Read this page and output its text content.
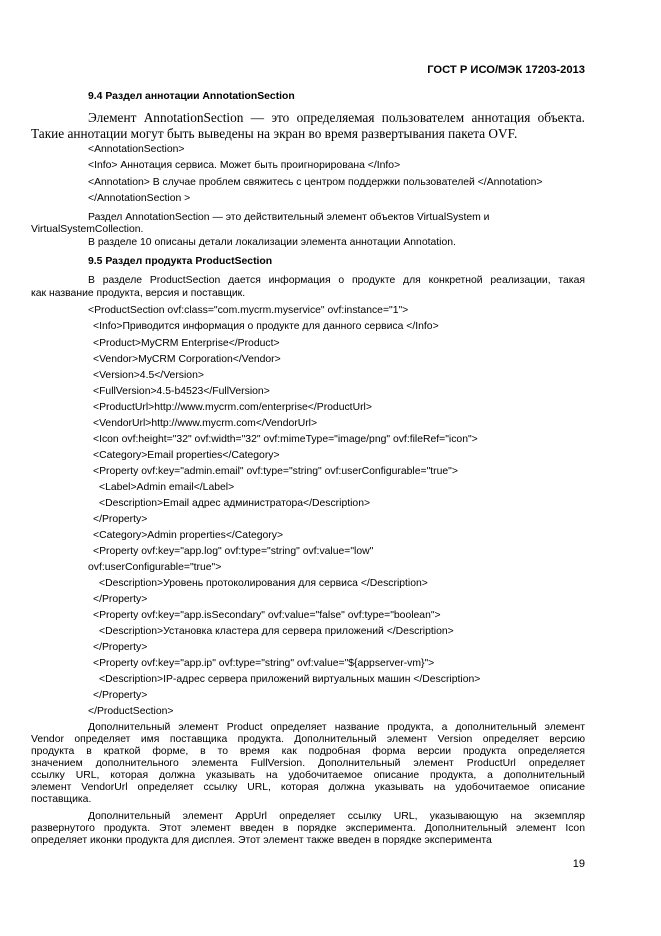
ГОСТ Р ИСО/МЭК 17203-2013
9.4 Раздел аннотации AnnotationSection
Элемент AnnotationSection — это определяемая пользователем аннотация объекта.
Такие аннотации могут быть выведены на экран во время развертывания пакета OVF.
<AnnotationSection>
<Info> Аннотация сервиса. Может быть проигнорирована </Info>
<Annotation> В случае проблем свяжитесь с центром поддержки пользователей </Annotation>
</AnnotationSection >
Раздел AnnotationSection — это действительный элемент объектов VirtualSystem и
VirtualSystemCollection.
В разделе 10 описаны детали локализации элемента аннотации Annotation.
9.5 Раздел продукта ProductSection
В разделе ProductSection дается информация о продукте для конкретной реализации, такая
как название продукта, версия и поставщик.
<ProductSection ovf:class="com.mycrm.myservice" ovf:instance="1">
<Info>Приводится информация о продукте для данного сервиса </Info>
<Product>MyCRM Enterprise</Product>
<Vendor>MyCRM Corporation</Vendor>
<Version>4.5</Version>
<FullVersion>4.5-b4523</FullVersion>
<ProductUrl>http://www.mycrm.com/enterprise</ProductUrl>
<VendorUrl>http://www.mycrm.com</VendorUrl>
<Icon ovf:height="32" ovf:width="32" ovf:mimeType="image/png" ovf:fileRef="icon">
<Category>Email properties</Category>
<Property ovf:key="admin.email" ovf:type="string" ovf:userConfigurable="true">
<Label>Admin email</Label>
<Description>Email адрес администратора</Description>
</Property>
<Category>Admin properties</Category>
<Property ovf:key="app.log" ovf:type="string" ovf:value="low"
ovf:userConfigurable="true">
<Description>Уровень протоколирования для сервиса </Description>
</Property>
<Property ovf:key="app.isSecondary" ovf:value="false" ovf:type="boolean">
<Description>Установка кластера для сервера приложений </Description>
</Property>
<Property ovf:key="app.ip" ovf:type="string" ovf:value="${appserver-vm}">
<Description>IP-адрес сервера приложений виртуальных машин </Description>
</Property>
</ProductSection>
Дополнительный элемент Product определяет название продукта, а дополнительный элемент
Vendor определяет имя поставщика продукта. Дополнительный элемент Version определяет версию
продукта в краткой форме, в то время как подробная форма версии продукта определяется
значением дополнительного элемента FullVersion. Дополнительный элемент ProductUrl определяет
ссылку URL, которая должна указывать на удобочитаемое описание продукта, а дополнительный
элемент VendorUrl определяет ссылку URL, которая должна указывать на удобочитаемое описание
поставщика.
Дополнительный элемент AppUrl определяет ссылку URL, указывающую на экземпляр
развернутого продукта. Этот элемент введен в порядке эксперимента. Дополнительный элемент Icon
определяет иконки продукта для дисплея. Этот элемент также введен в порядке эксперимента
19
